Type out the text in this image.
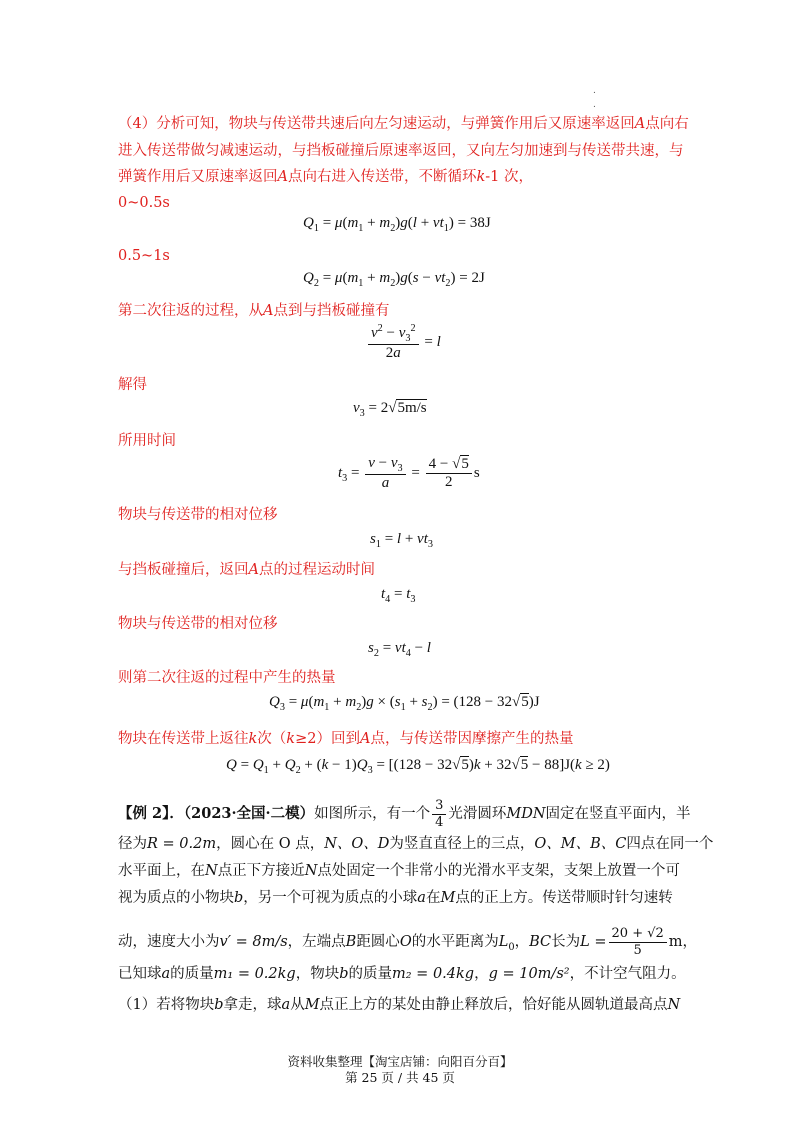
.
.
（4）分析可知，物块与传送带共速后向左匀速运动，与弹簧作用后又原速率返回A点向右
进入传送带做匀减速运动，与挡板碰撞后原速率返回，又向左匀加速到与传送带共速，与
弹簧作用后又原速率返回A点向右进入传送带，不断循环k-1 次，
0~0.5s
$Q_1 = \mu(m_1 + m_2)g(l + vt_1) = 38J$
0.5~1s
$Q_2 = \mu(m_1 + m_2)g(s - vt_2) = 2J$
第二次往返的过程，从A点到与挡板碰撞有
$\frac{v^2 - v_3^2}{2a} = l$
解得
$v_3 = 2√5m/s$
所用时间
$t_3 = \frac{v - v_3}{a} = \frac{4 - √5}{2}$ s
物块与传送带的相对位移
$s_1 = l + vt_3$
与挡板碰撞后，返回A点的过程运动时间
$t_4 = t_3$
物块与传送带的相对位移
$s_2 = vt_4 - l$
则第二次往返的过程中产生的热量
$Q_3 = \mu(m_1 + m_2)g \times (s_1 + s_2) = (128 - 32√5)J$
物块在传送带上返往k次（k≥2）回到A点，与传送带因摩擦产生的热量
$Q = Q_1 + Q_2 + (k - 1)Q_3 = [(128 - 32√5)k + 32√5 - 88]J(k \ge 2)$
【例 2】．（2023·全国·二模）如图所示，有一个 $\frac{3}{4}$ 光滑圆环MDN固定在竖直平面内，半
径为R = 0.2m，圆心在 O 点，N、O、D为竖直直径上的三点，O、M、B、C四点在同一个
水平面上，在N点正下方接近N点处固定一个非常小的光滑水平支架，支架上放置一个可
视为质点的小物块b，另一个可视为质点的小球a在M点的正上方。传送带顺时针匀速转
动，速度大小为v′ = 8m/s，左端点B距圆心O的水平距离为$L_0$，BC长为$L = \frac{20 + √2}{5}$ m，
已知球a的质量m₁ = 0.2kg，物块b的质量m₂ = 0.4kg，g = 10m/s²，不计空气阻力。
（1）若将物块b拿走，球a从M点正上方的某处由静止释放后，恰好能从圆轨道最高点N
资料收集整理【淘宝店铺：向阳百分百】
第 25 页 / 共 45 页
